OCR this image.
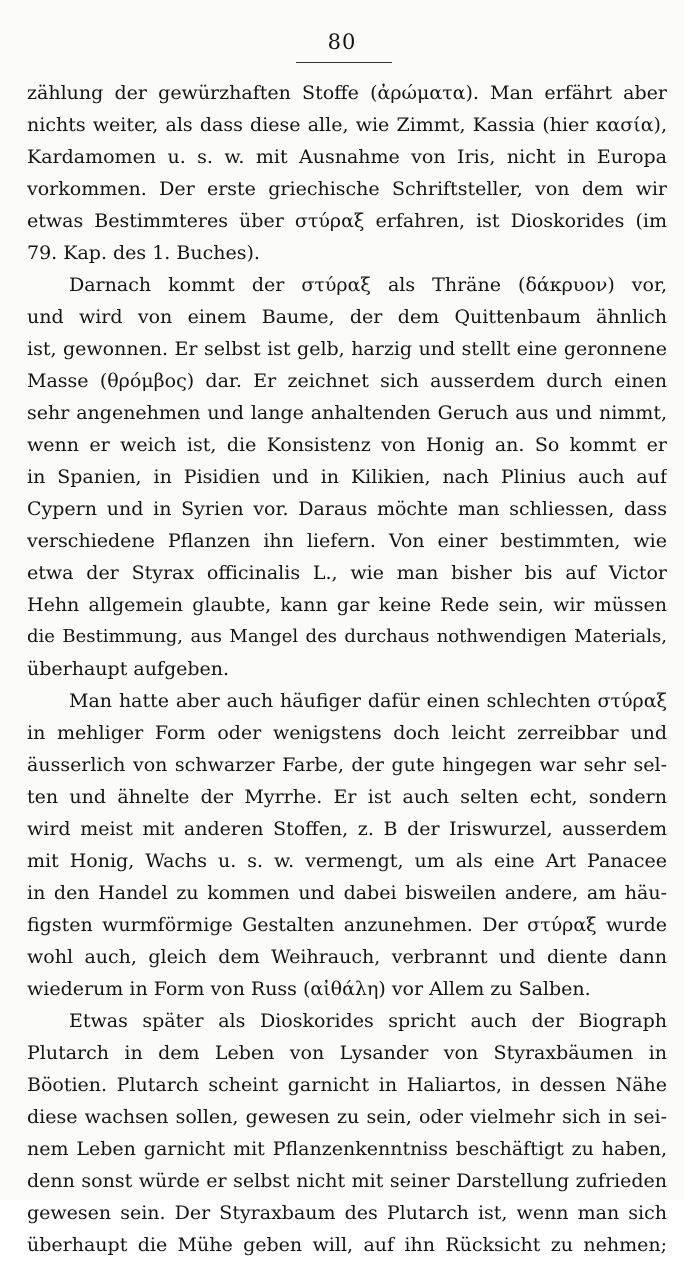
80
zählung der gewürzhaften Stoffe (ἀρώματα). Man erfährt aber
nichts weiter, als dass diese alle, wie Zimmt, Kassia (hier κασία),
Kardamomen u. s. w. mit Ausnahme von Iris, nicht in Europa
vorkommen. Der erste griechische Schriftsteller, von dem wir
etwas Bestimmteres über στύραξ erfahren, ist Dioskorides (im
79. Kap. des 1. Buches).
Darnach kommt der στύραξ als Thräne (δάκρυον) vor,
und wird von einem Baume, der dem Quittenbaum ähnlich
ist, gewonnen. Er selbst ist gelb, harzig und stellt eine geronnene
Masse (θρόμβος) dar. Er zeichnet sich ausserdem durch einen
sehr angenehmen und lange anhaltenden Geruch aus und nimmt,
wenn er weich ist, die Konsistenz von Honig an. So kommt er
in Spanien, in Pisidien und in Kilikien, nach Plinius auch auf
Cypern und in Syrien vor. Daraus möchte man schliessen, dass
verschiedene Pflanzen ihn liefern. Von einer bestimmten, wie
etwa der Styrax officinalis L., wie man bisher bis auf Victor
Hehn allgemein glaubte, kann gar keine Rede sein, wir müssen
die Bestimmung, aus Mangel des durchaus nothwendigen Materials,
überhaupt aufgeben.
Man hatte aber auch häufiger dafür einen schlechten στύραξ
in mehliger Form oder wenigstens doch leicht zerreibbar und
äusserlich von schwarzer Farbe, der gute hingegen war sehr sel-
ten und ähnelte der Myrrhe. Er ist auch selten echt, sondern
wird meist mit anderen Stoffen, z. B der Iriswurzel, ausserdem
mit Honig, Wachs u. s. w. vermengt, um als eine Art Panacee
in den Handel zu kommen und dabei bisweilen andere, am häu-
figsten wurmförmige Gestalten anzunehmen. Der στύραξ wurde
wohl auch, gleich dem Weihrauch, verbrannt und diente dann
wiederum in Form von Russ (αἰθάλη) vor Allem zu Salben.
Etwas später als Dioskorides spricht auch der Biograph
Plutarch in dem Leben von Lysander von Styraxbäumen in
Böotien. Plutarch scheint garnicht in Haliartos, in dessen Nähe
diese wachsen sollen, gewesen zu sein, oder vielmehr sich in sei-
nem Leben garnicht mit Pflanzenkenntniss beschäftigt zu haben,
denn sonst würde er selbst nicht mit seiner Darstellung zufrieden
gewesen sein. Der Styraxbaum des Plutarch ist, wenn man sich
überhaupt die Mühe geben will, auf ihn Rücksicht zu nehmen;
